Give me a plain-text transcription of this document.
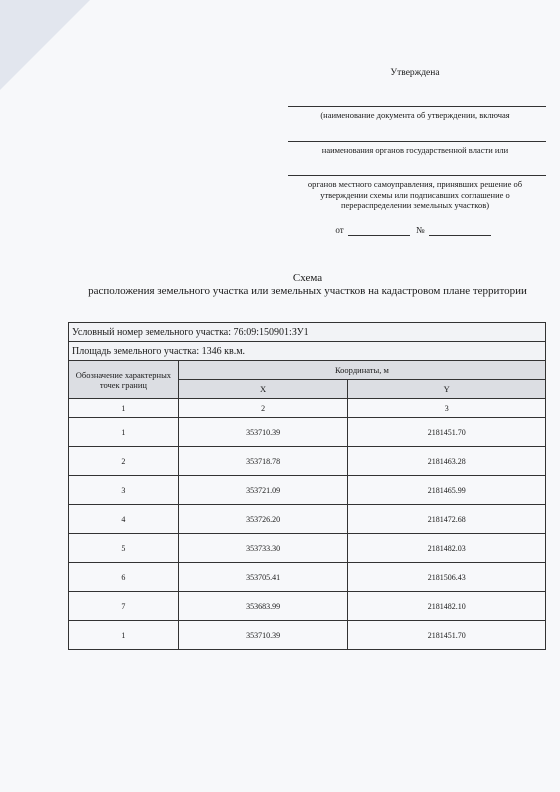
Утверждена
(наименование документа об утверждении, включая
наименования органов государственной власти или
органов местного самоуправления, принявших решение об утверждении схемы или подписавших соглашение о перераспределении земельных участков)
от	№
Схема
расположения земельного участка или земельных участков на кадастровом плане территории
Условный номер земельного участка: 76:09:150901:ЗУ1		
Площадь земельного участка: 1346 кв.м.		
Обозначение характерных точек границ	Координаты, м	
	X	Y
1	2	3
1	353710.39	2181451.70
2	353718.78	2181463.28
3	353721.09	2181465.99
4	353726.20	2181472.68
5	353733.30	2181482.03
6	353705.41	2181506.43
7	353683.99	2181482.10
1	353710.39	2181451.70
